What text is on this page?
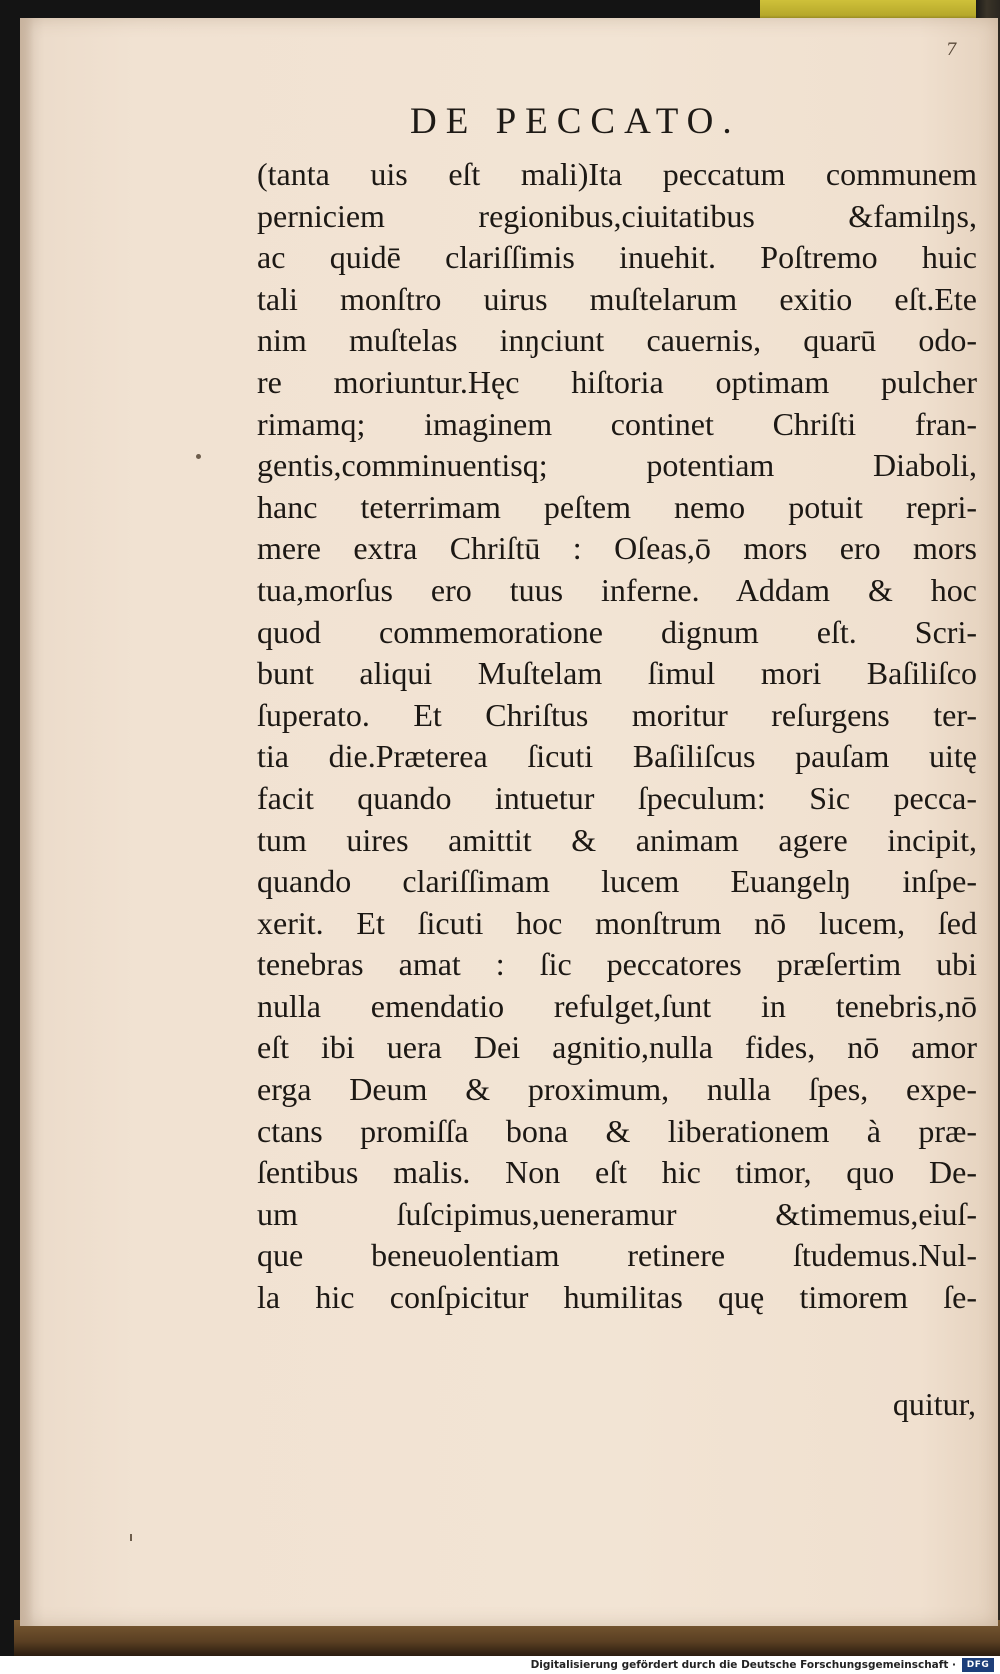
7
DE PECCATO.
(tanta uis eſt mali)Ita peccatum communem
perniciem regionibus,ciuitatibus &familŋs,
ac quidē clariſſimis inuehit. Poſtremo huic
tali monſtro uirus muſtelarum exitio eſt.Ete
nim muſtelas inŋciunt cauernis, quarū odo-
re moriuntur.Hęc hiſtoria optimam pulcher
rimamq; imaginem continet Chriſti fran-
gentis,comminuentisq; potentiam Diaboli,
hanc teterrimam peſtem nemo potuit repri-
mere extra Chriſtū : Oſeas,ō mors ero mors
tua,morſus ero tuus inferne. Addam & hoc
quod commemoratione dignum eſt. Scri-
bunt aliqui Muſtelam ſimul mori Baſiliſco
ſuperato. Et Chriſtus moritur reſurgens ter-
tia die.Præterea ſicuti Baſiliſcus pauſam uitę
facit quando intuetur ſpeculum: Sic pecca-
tum uires amittit & animam agere incipit,
quando clariſſimam lucem Euangelŋ inſpe-
xerit. Et ſicuti hoc monſtrum nō lucem, ſed
tenebras amat : ſic peccatores præſertim ubi
nulla emendatio refulget,ſunt in tenebris,nō
eſt ibi uera Dei agnitio,nulla fides, nō amor
erga Deum & proximum, nulla ſpes, expe-
ctans promiſſa bona & liberationem à præ-
ſentibus malis. Non eſt hic timor, quo De-
um ſuſcipimus,ueneramur &timemus,eiuſ-
que beneuolentiam retinere ſtudemus.Nul-
la hic conſpicitur humilitas quę timorem ſe-
quitur,
Digitalisierung gefördert durch die Deutsche Forschungsgemeinschaft ·	DFG
